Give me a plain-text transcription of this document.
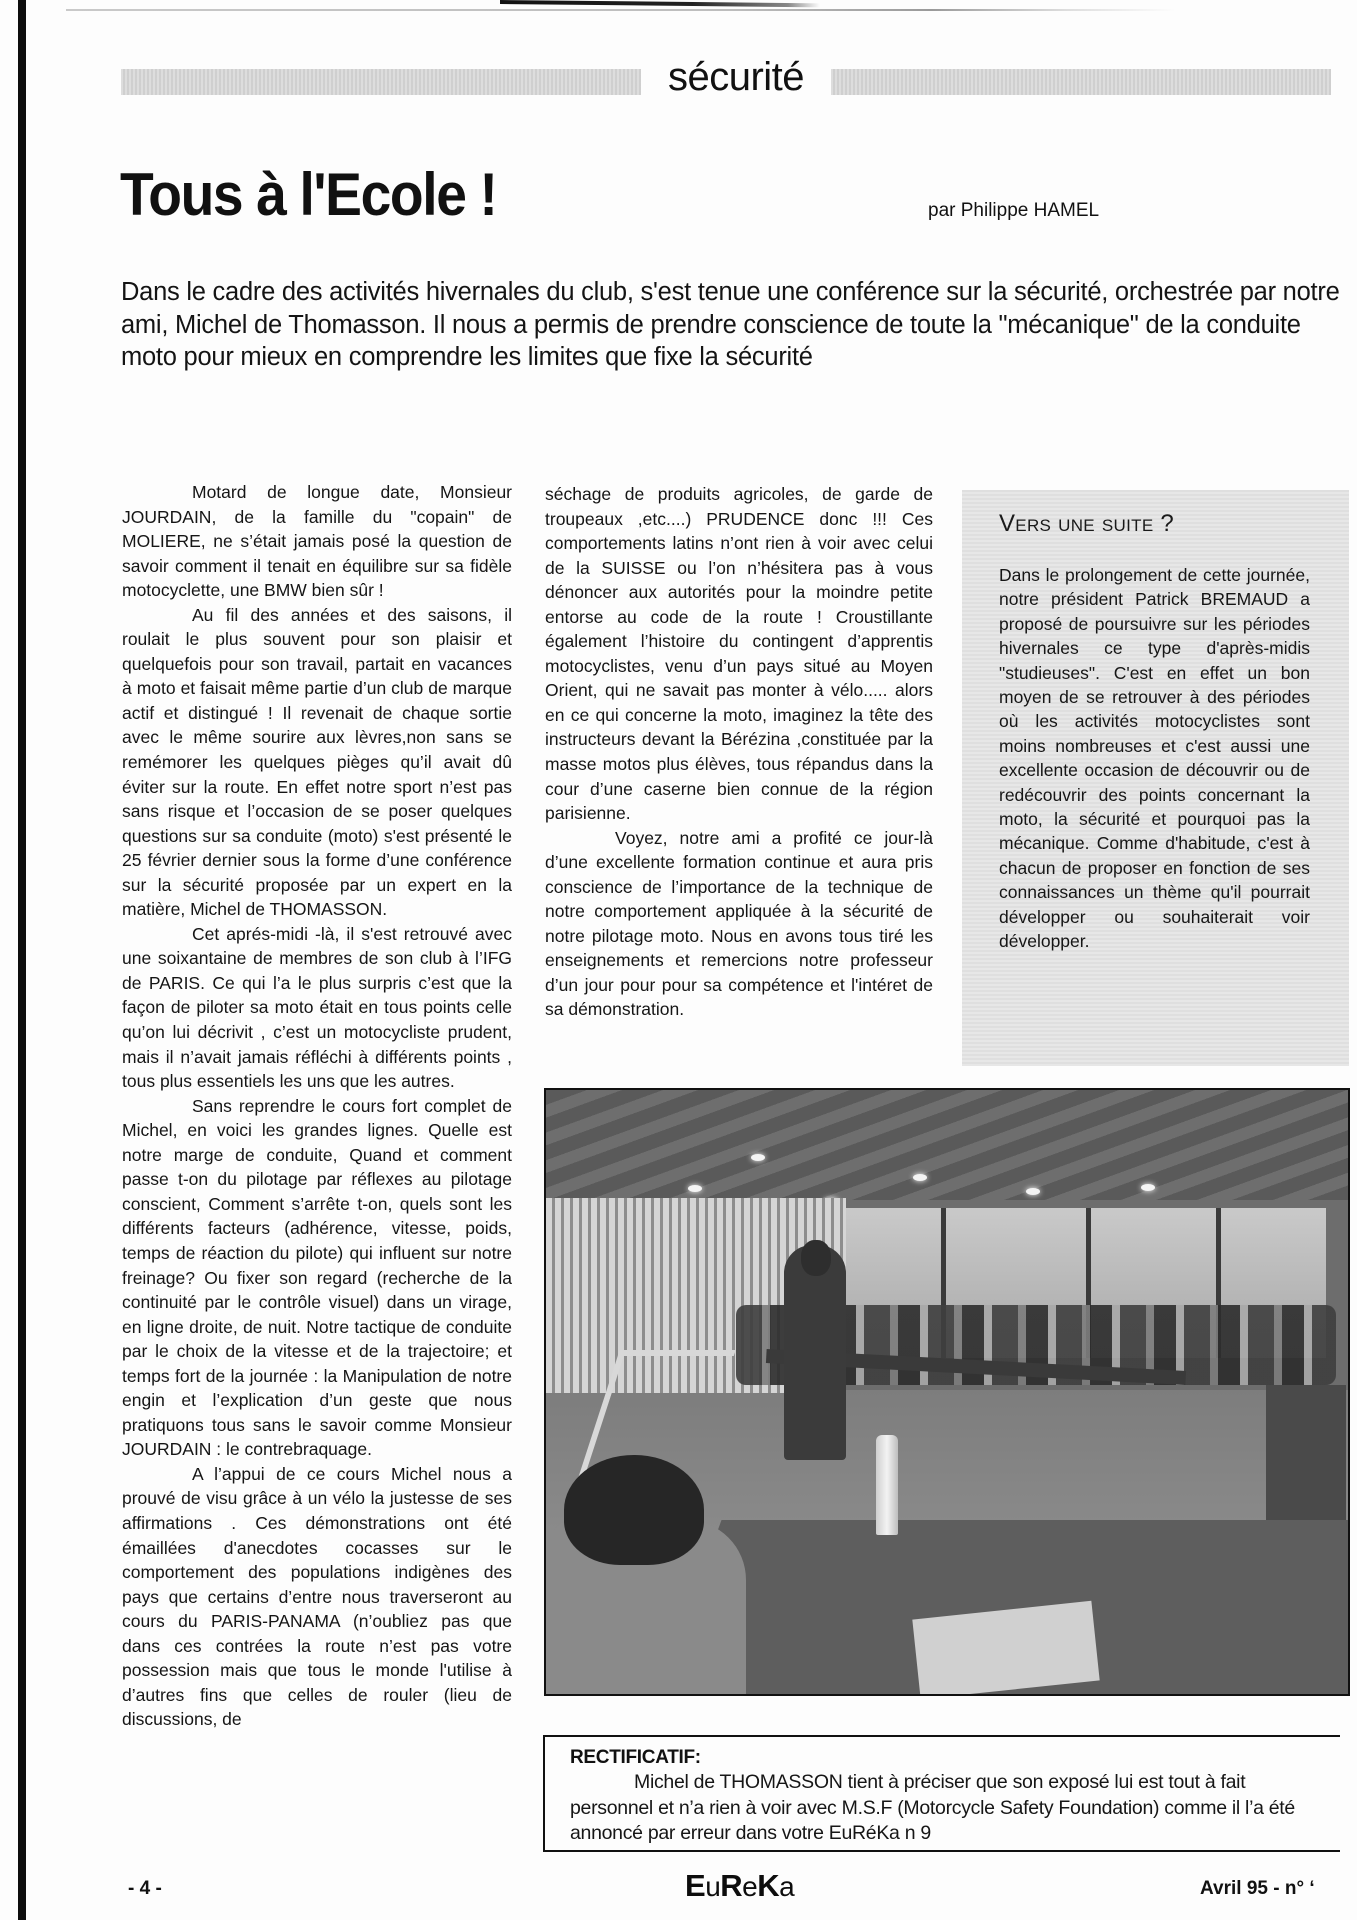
sécurité
Tous à l'Ecole !	par Philippe HAMEL
Dans le cadre des activités hivernales du club, s'est tenue une conférence sur la sécurité, orchestrée par notre ami, Michel de Thomasson. Il nous a permis de prendre conscience de toute la "mécanique" de la conduite moto pour mieux en comprendre les limites que fixe la sécurité

Motard de longue date, Monsieur JOURDAIN, de la famille du "copain" de MOLIERE, ne s’était jamais posé la question de savoir comment il tenait en équilibre sur sa fidèle motocyclette, une BMW bien sûr !

Au fil des années et des saisons, il roulait le plus souvent pour son plaisir et quelquefois pour son travail, partait en vacances à moto et faisait même partie d’un club de marque actif et distingué ! Il revenait de chaque sortie avec le même sourire aux lèvres,non sans se remémorer les quelques pièges qu’il avait dû éviter sur la route. En effet notre sport n’est pas sans risque et l’occasion de se poser quelques questions sur sa conduite (moto) s'est présenté le 25 février dernier sous la forme d’une conférence sur la sécurité proposée par un expert en la matière, Michel de THOMASSON.

Cet aprés-midi -là, il s'est retrouvé avec une soixantaine de membres de son club à l’IFG de PARIS. Ce qui l’a le plus surpris c’est que la façon de piloter sa moto était en tous points celle qu’on lui décrivit , c’est un motocycliste prudent, mais il n’avait jamais réfléchi à différents points , tous plus essentiels les uns que les autres.

Sans reprendre le cours fort complet de Michel, en voici les grandes lignes. Quelle est notre marge de conduite, Quand et comment passe t-on du pilotage par réflexes au pilotage conscient, Comment s’arrête t-on, quels sont les différents facteurs (adhérence, vitesse, poids, temps de réaction du pilote) qui influent sur notre freinage? Ou fixer son regard (recherche de la continuité par le contrôle visuel) dans un virage, en ligne droite, de nuit. Notre tactique de conduite par le choix de la vitesse et de la trajectoire; et temps fort de la journée : la Manipulation de notre engin et l’explication d’un geste que nous pratiquons tous sans le savoir comme Monsieur JOURDAIN : le contrebraquage.

A l’appui de ce cours Michel nous a prouvé de visu grâce à un vélo la justesse de ses affirmations . Ces démonstrations ont été émaillées d'anecdotes cocasses sur le comportement des populations indigènes des pays que certains d’entre nous traverseront au cours du PARIS-PANAMA (n’oubliez pas que dans ces contrées la route n’est pas votre possession mais que tous le monde l'utilise à d’autres fins que celles de rouler (lieu de discussions, de

séchage de produits agricoles, de garde de troupeaux ,etc....) PRUDENCE donc !!! Ces comportements latins n’ont rien à voir avec celui de la SUISSE ou l’on n’hésitera pas à vous dénoncer aux autorités pour la moindre petite entorse au code de la route ! Croustillante également l’histoire du contingent d’apprentis motocyclistes, venu d’un pays situé au Moyen Orient, qui ne savait pas monter à vélo..... alors en ce qui concerne la moto, imaginez la tête des instructeurs devant la Bérézina ,constituée par la masse motos plus élèves, tous répandus dans la cour d’une caserne bien connue de la région parisienne.

Voyez, notre ami a profité ce jour-là d’une excellente formation continue et aura pris conscience de l’importance de la technique de notre comportement appliquée à la sécurité de notre pilotage moto. Nous en avons tous tiré les enseignements et remercions notre professeur d’un jour pour pour sa compétence et l'intéret de sa démonstration.

Vers une suite ?
Dans le prolongement de cette journée, notre président Patrick BREMAUD a proposé de poursuivre sur les périodes hivernales ce type d'après-midis "studieuses". C'est en effet un bon moyen de se retrouver à des périodes où les activités motocyclistes sont moins nombreuses et c'est aussi une excellente occasion de découvrir ou de redécouvrir des points concernant la moto, la sécurité et pourquoi pas la mécanique. Comme d'habitude, c'est à chacun de proposer en fonction de ses connaissances un thème qu'il pourrait développer ou souhaiterait voir développer.
RECTIFICATIF:
Michel de THOMASSON tient à préciser que son exposé lui est tout à fait personnel et n’a rien à voir avec M.S.F (Motorcycle Safety Foundation) comme il l’a été annoncé par erreur dans votre EuRéKa n 9
- 4 -	EuReKa	Avril 95 - n° ‘
